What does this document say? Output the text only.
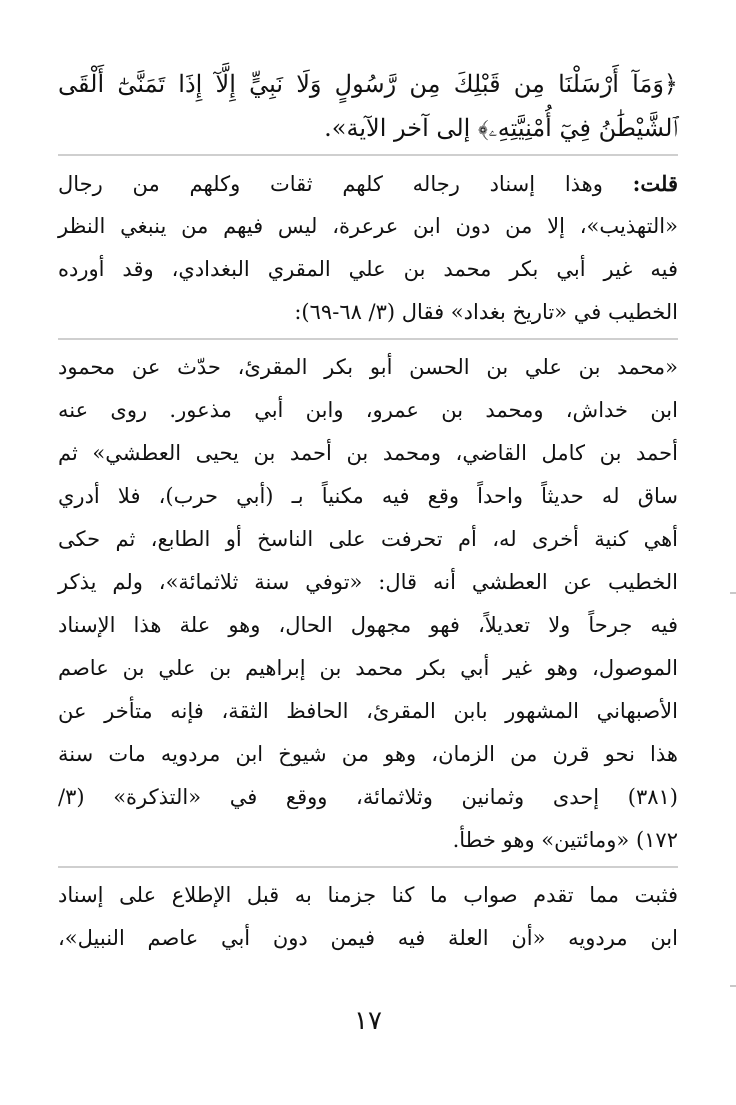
﴿وَمَآ أَرْسَلْنَا مِن قَبْلِكَ مِن رَّسُولٍ وَلَا نَبِيٍّ إِلَّآ إِذَا تَمَنَّىٰٓ أَلْقَى
ٱلشَّيْطَٰنُ فِيٓ أُمْنِيَّتِهِۦ﴾ إلى آخر الآية».
قلت: وهذا إسناد رجاله كلهم ثقات وكلهم من رجال
«التهذيب»، إلا من دون ابن عرعرة، ليس فيهم من ينبغي النظر
فيه غير أبي بكر محمد بن علي المقري البغدادي، وقد أورده
الخطيب في «تاريخ بغداد» فقال (٣/ ٦٨-٦٩):
«محمد بن علي بن الحسن أبو بكر المقرئ، حدّث عن محمود
ابن خداش، ومحمد بن عمرو، وابن أبي مذعور. روى عنه
أحمد بن كامل القاضي، ومحمد بن أحمد بن يحيى العطشي» ثم
ساق له حديثاً واحداً وقع فيه مكنياً بـ (أبي حرب)، فلا أدري
أهي كنية أخرى له، أم تحرفت على الناسخ أو الطابع، ثم حكى
الخطيب عن العطشي أنه قال: «توفي سنة ثلاثمائة»، ولم يذكر
فيه جرحاً ولا تعديلاً، فهو مجهول الحال، وهو علة هذا الإسناد
الموصول، وهو غير أبي بكر محمد بن إبراهيم بن علي بن عاصم
الأصبهاني المشهور بابن المقرئ، الحافظ الثقة، فإنه متأخر عن
هذا نحو قرن من الزمان، وهو من شيوخ ابن مردويه مات سنة
(٣٨١) إحدى وثمانين وثلاثمائة، ووقع في «التذكرة» (٣/
١٧٢) «ومائتين» وهو خطأ.
فثبت مما تقدم صواب ما كنا جزمنا به قبل الإطلاع على إسناد
ابن مردويه «أن العلة فيه فيمن دون أبي عاصم النبيل»،
١٧
